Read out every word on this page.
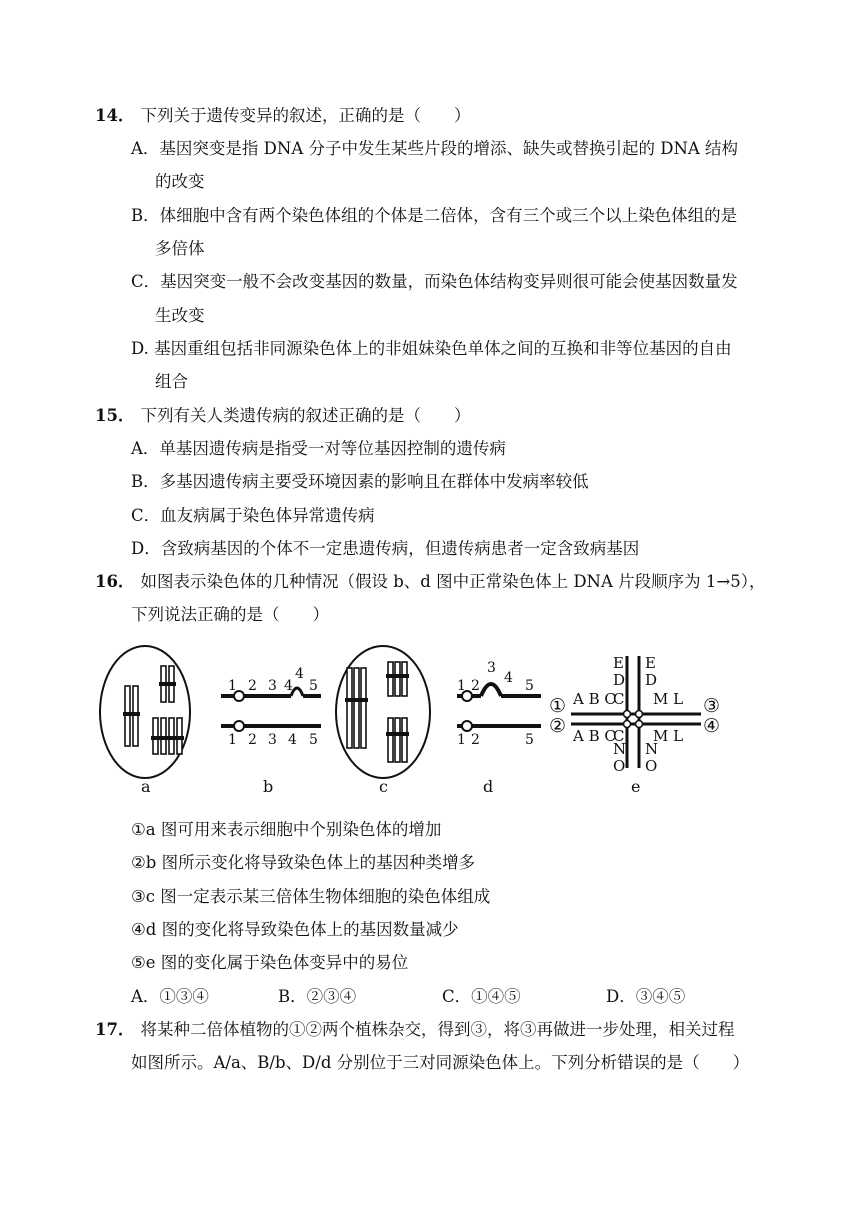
14． 下列关于遗传变异的叙述，正确的是（　　）
A．基因突变是指 DNA 分子中发生某些片段的增添、缺失或替换引起的 DNA 结构
的改变
B．体细胞中含有两个染色体组的个体是二倍体，含有三个或三个以上染色体组的是
多倍体
C．基因突变一般不会改变基因的数量，而染色体结构变异则很可能会使基因数量发
生改变
D. 基因重组包括非同源染色体上的非姐妹染色单体之间的互换和非等位基因的自由
组合
15． 下列有关人类遗传病的叙述正确的是（　　）
A．单基因遗传病是指受一对等位基因控制的遗传病
B．多基因遗传病主要受环境因素的影响且在群体中发病率较低
C．血友病属于染色体异常遗传病
D．含致病基因的个体不一定患遗传病，但遗传病患者一定含致病基因
16． 如图表示染色体的几种情况（假设 b、d 图中正常染色体上 DNA 片段顺序为 1→5），
下列说法正确的是（　　）
1 2 3 4
4
5
1 2 3 4 5
1 2
3
4 5
1 2	5
A B C
A B C
M L
M L
E
D
E
D
N
O
N
O
C
C
①
②
③
④
a	b	c	d	e
①a 图可用来表示细胞中个别染色体的增加
②b 图所示变化将导致染色体上的基因种类增多
③c 图一定表示某三倍体生物体细胞的染色体组成
④d 图的变化将导致染色体上的基因数量减少
⑤e 图的变化属于染色体变异中的易位
A．①③④	B．②③④	C．①④⑤	D．③④⑤
17． 将某种二倍体植物的①②两个植株杂交，得到③，将③再做进一步处理，相关过程
如图所示。A/a、B/b、D/d 分别位于三对同源染色体上。下列分析错误的是（　　）
